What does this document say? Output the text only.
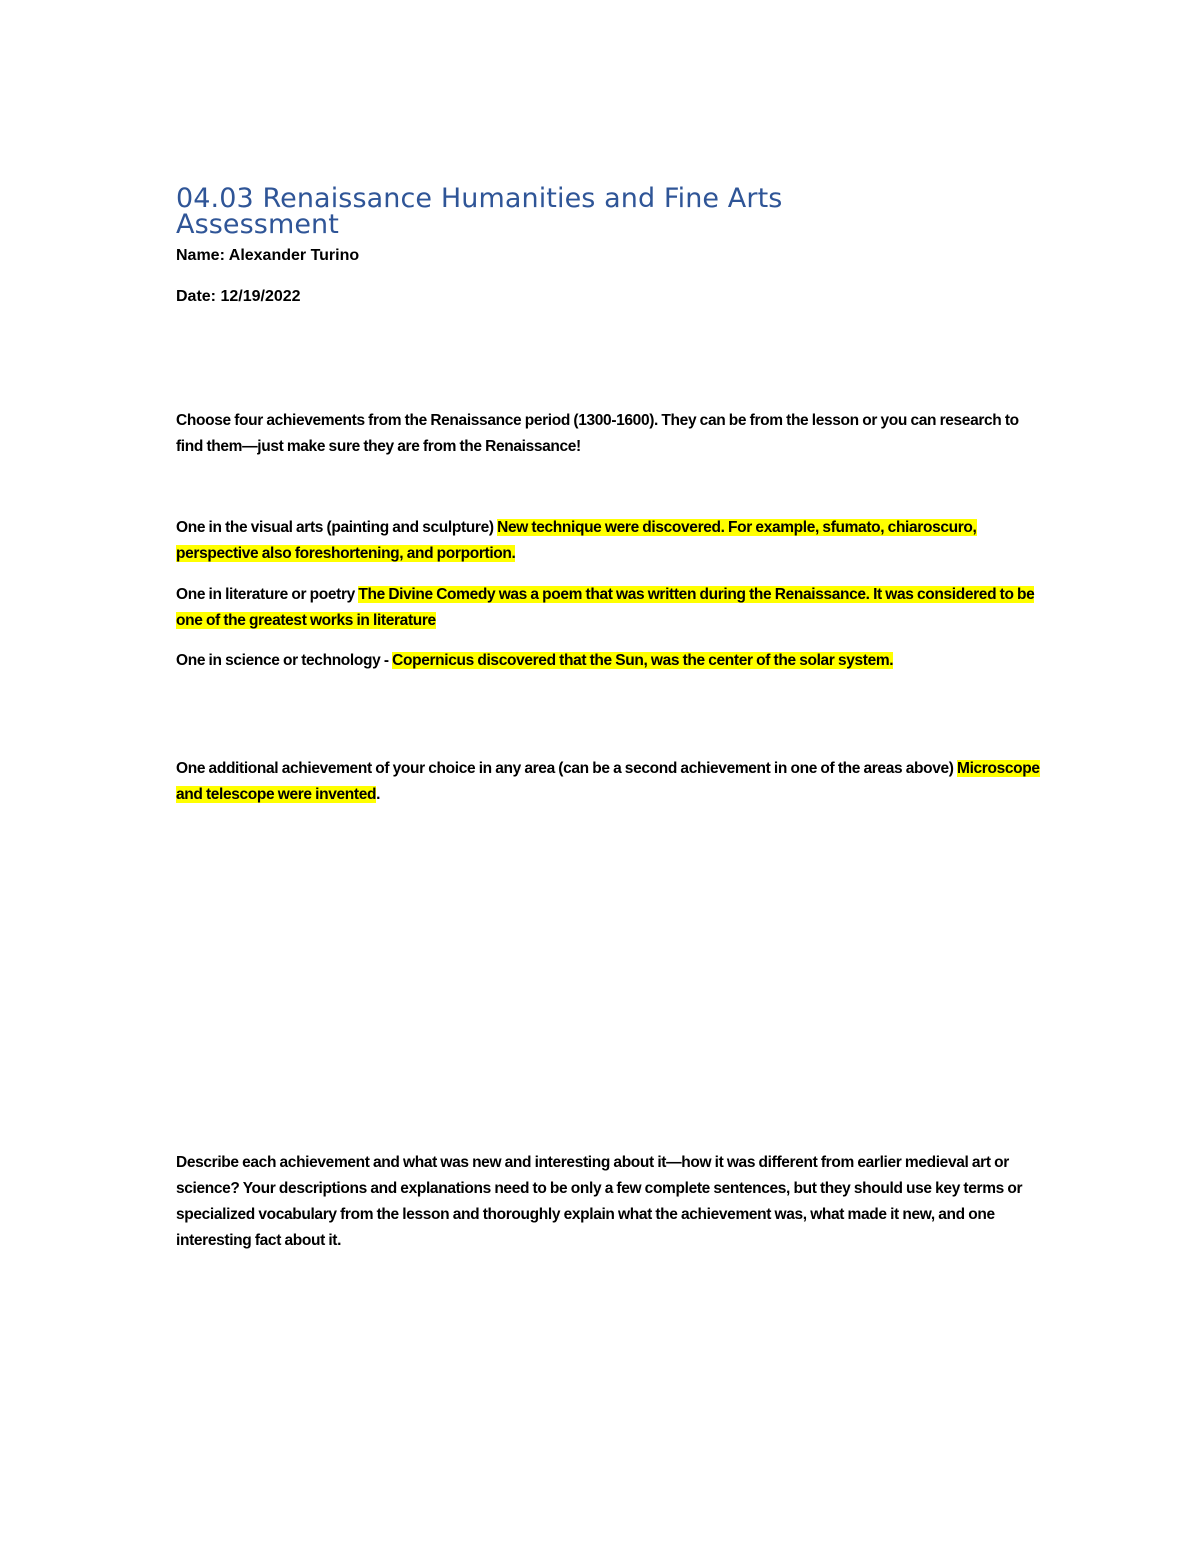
04.03 Renaissance Humanities and Fine Arts Assessment

Name: Alexander Turino

Date: 12/19/2022

Choose four achievements from the Renaissance period (1300-1600). They can be from the lesson or you can research to find them—just make sure they are from the Renaissance!

One in the visual arts (painting and sculpture) New technique were discovered. For example, sfumato, chiaroscuro, perspective also foreshortening, and porportion.

One in literature or poetry The Divine Comedy was a poem that was written during the Renaissance. It was considered to be one of the greatest works in literature

One in science or technology - Copernicus discovered that the Sun, was the center of the solar system.

One additional achievement of your choice in any area (can be a second achievement in one of the areas above) Microscope and telescope were invented.

Describe each achievement and what was new and interesting about it—how it was different from earlier medieval art or science? Your descriptions and explanations need to be only a few complete sentences, but they should use key terms or specialized vocabulary from the lesson and thoroughly explain what the achievement was, what made it new, and one interesting fact about it.
